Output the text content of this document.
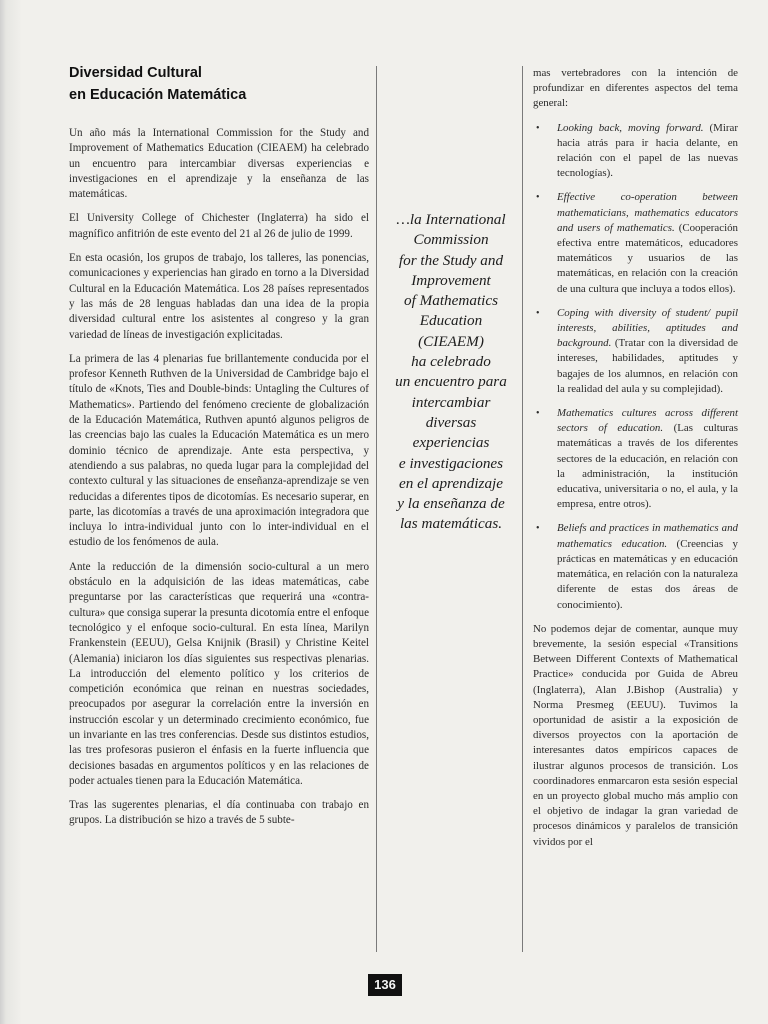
Diversidad Cultural
en Educación Matemática

Un año más la International Commission for the Study and Improvement of Mathematics Education (CIEAEM) ha celebrado un encuentro para intercambiar diversas experiencias e investigaciones en el aprendizaje y la enseñanza de las matemáticas.

El University College of Chichester (Inglaterra) ha sido el magnífico anfitrión de este evento del 21 al 26 de julio de 1999.

En esta ocasión, los grupos de trabajo, los talleres, las ponencias, comunicaciones y experiencias han girado en torno a la Diversidad Cultural en la Educación Matemática. Los 28 países representados y las más de 28 lenguas habladas dan una idea de la propia diversidad cultural entre los asistentes al congreso y la gran variedad de líneas de investigación explicitadas.

La primera de las 4 plenarias fue brillantemente conducida por el profesor Kenneth Ruthven de la Universidad de Cambridge bajo el título de «Knots, Ties and Double-binds: Untagling the Cultures of Mathematics». Partiendo del fenómeno creciente de globalización de la Educación Matemática, Ruthven apuntó algunos peligros de las creencias bajo las cuales la Educación Matemática es un mero dominio técnico de aprendizaje. Ante esta perspectiva, y atendiendo a sus palabras, no queda lugar para la complejidad del contexto cultural y las situaciones de enseñanza-aprendizaje se ven reducidas a diferentes tipos de dicotomías. Es necesario superar, en parte, las dicotomías a través de una aproximación integradora que incluya lo intra-individual junto con lo inter-individual en el estudio de los fenómenos de aula.

Ante la reducción de la dimensión socio-cultural a un mero obstáculo en la adquisición de las ideas matemáticas, cabe preguntarse por las características que requerirá una «contra-cultura» que consiga superar la presunta dicotomía entre el enfoque tecnológico y el enfoque socio-cultural. En esta línea, Marilyn Frankenstein (EEUU), Gelsa Knijnik (Brasil) y Christine Keitel (Alemania) iniciaron los días siguientes sus respectivas plenarias. La introducción del elemento político y los criterios de competición económica que reinan en nuestras sociedades, preocupados por asegurar la correlación entre la inversión en instrucción escolar y un determinado crecimiento económico, fue un invariante en las tres conferencias. Desde sus distintos estudios, las tres profesoras pusieron el énfasis en la fuerte influencia que decisiones basadas en argumentos políticos y en las relaciones de poder actuales tienen para la Educación Matemática.

Tras las sugerentes plenarias, el día continuaba con trabajo en grupos. La distribución se hizo a través de 5 subte-

…la International
Commission
for the Study and
Improvement
of Mathematics
Education
(CIEAEM)
ha celebrado
un encuentro para
intercambiar
diversas
experiencias
e investigaciones
en el aprendizaje
y la enseñanza de
las matemáticas.

mas vertebradores con la intención de profundizar en diferentes aspectos del tema general:

• Looking back, moving forward. (Mirar hacia atrás para ir hacia delante, en relación con el papel de las nuevas tecnologías).
• Effective co-operation between mathematicians, mathematics educators and users of mathematics. (Cooperación efectiva entre matemáticos, educadores matemáticos y usuarios de las matemáticas, en relación con la creación de una cultura que incluya a todos ellos).
• Coping with diversity of student/ pupil interests, abilities, aptitudes and background. (Tratar con la diversidad de intereses, habilidades, aptitudes y bagajes de los alumnos, en relación con la realidad del aula y su complejidad).
• Mathematics cultures across different sectors of education. (Las culturas matemáticas a través de los diferentes sectores de la educación, en relación con la administración, la institución educativa, universitaria o no, el aula, y la empresa, entre otros).
• Beliefs and practices in mathematics and mathematics education. (Creencias y prácticas en matemáticas y en educación matemática, en relación con la naturaleza diferente de estas dos áreas de conocimiento).

No podemos dejar de comentar, aunque muy brevemente, la sesión especial «Transitions Between Different Contexts of Mathematical Practice» conducida por Guida de Abreu (Inglaterra), Alan J.Bishop (Australia) y Norma Presmeg (EEUU). Tuvimos la oportunidad de asistir a la exposición de diversos proyectos con la aportación de interesantes datos empíricos capaces de ilustrar algunos procesos de transición. Los coordinadores enmarcaron esta sesión especial en un proyecto global mucho más amplio con el objetivo de indagar la gran variedad de procesos dinámicos y paralelos de transición vividos por el

136
